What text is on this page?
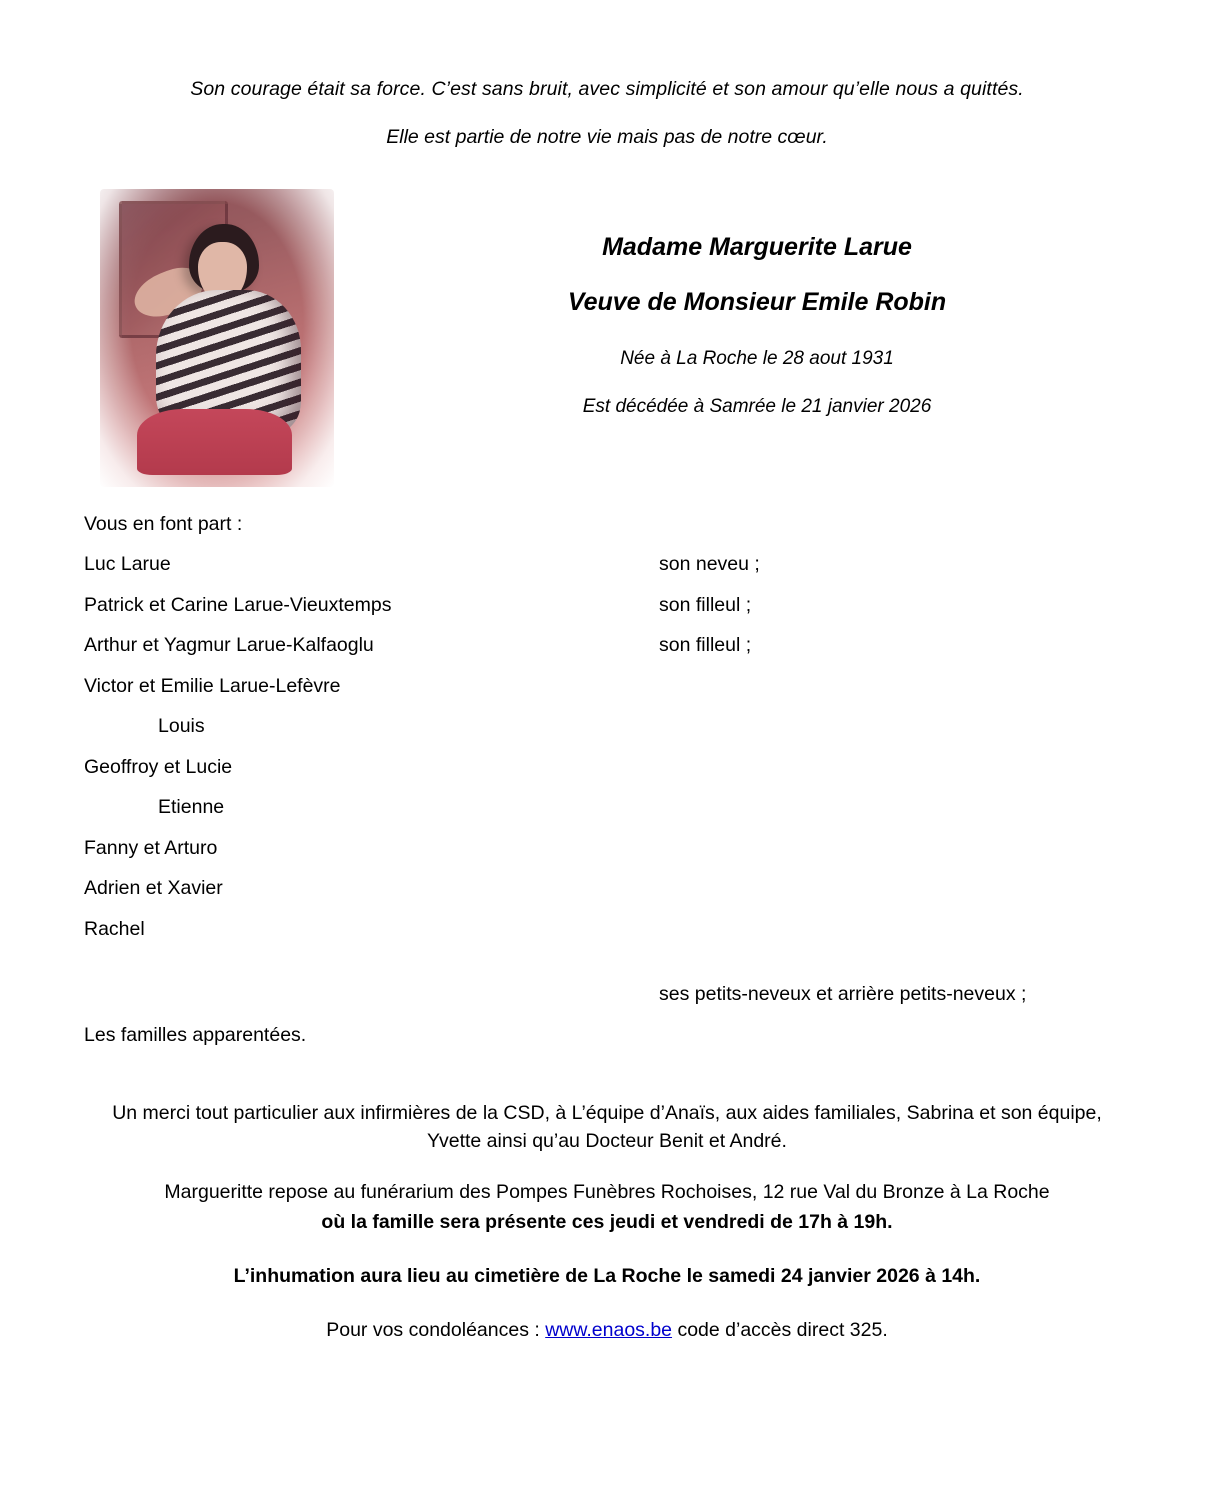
Son courage était sa force. C’est sans bruit, avec simplicité et son amour qu’elle nous a quittés.
Elle est partie de notre vie mais pas de notre cœur.
Madame Marguerite Larue
Veuve de Monsieur Emile Robin
Née à La Roche le 28 aout 1931
Est décédée à Samrée le 21 janvier 2026
Vous en font part :
Luc Larue	son neveu ;
Patrick et Carine Larue-Vieuxtemps	son filleul ;
Arthur et Yagmur Larue-Kalfaoglu	son filleul ;
Victor et Emilie Larue-Lefèvre
Louis
Geoffroy et Lucie
Etienne
Fanny et Arturo
Adrien et Xavier
Rachel
ses petits-neveux et arrière petits-neveux ;
Les familles apparentées.

Un merci tout particulier aux infirmières de la CSD, à L’équipe d’Anaïs, aux aides familiales, Sabrina et son équipe, Yvette ainsi qu’au Docteur Benit et André.

Margueritte repose au funérarium des Pompes Funèbres Rochoises, 12 rue Val du Bronze à La Roche
où la famille sera présente ces jeudi et vendredi de 17h à 19h.

L’inhumation aura lieu au cimetière de La Roche le samedi 24 janvier 2026 à 14h.

Pour vos condoléances : www.enaos.be code d’accès direct 325.
